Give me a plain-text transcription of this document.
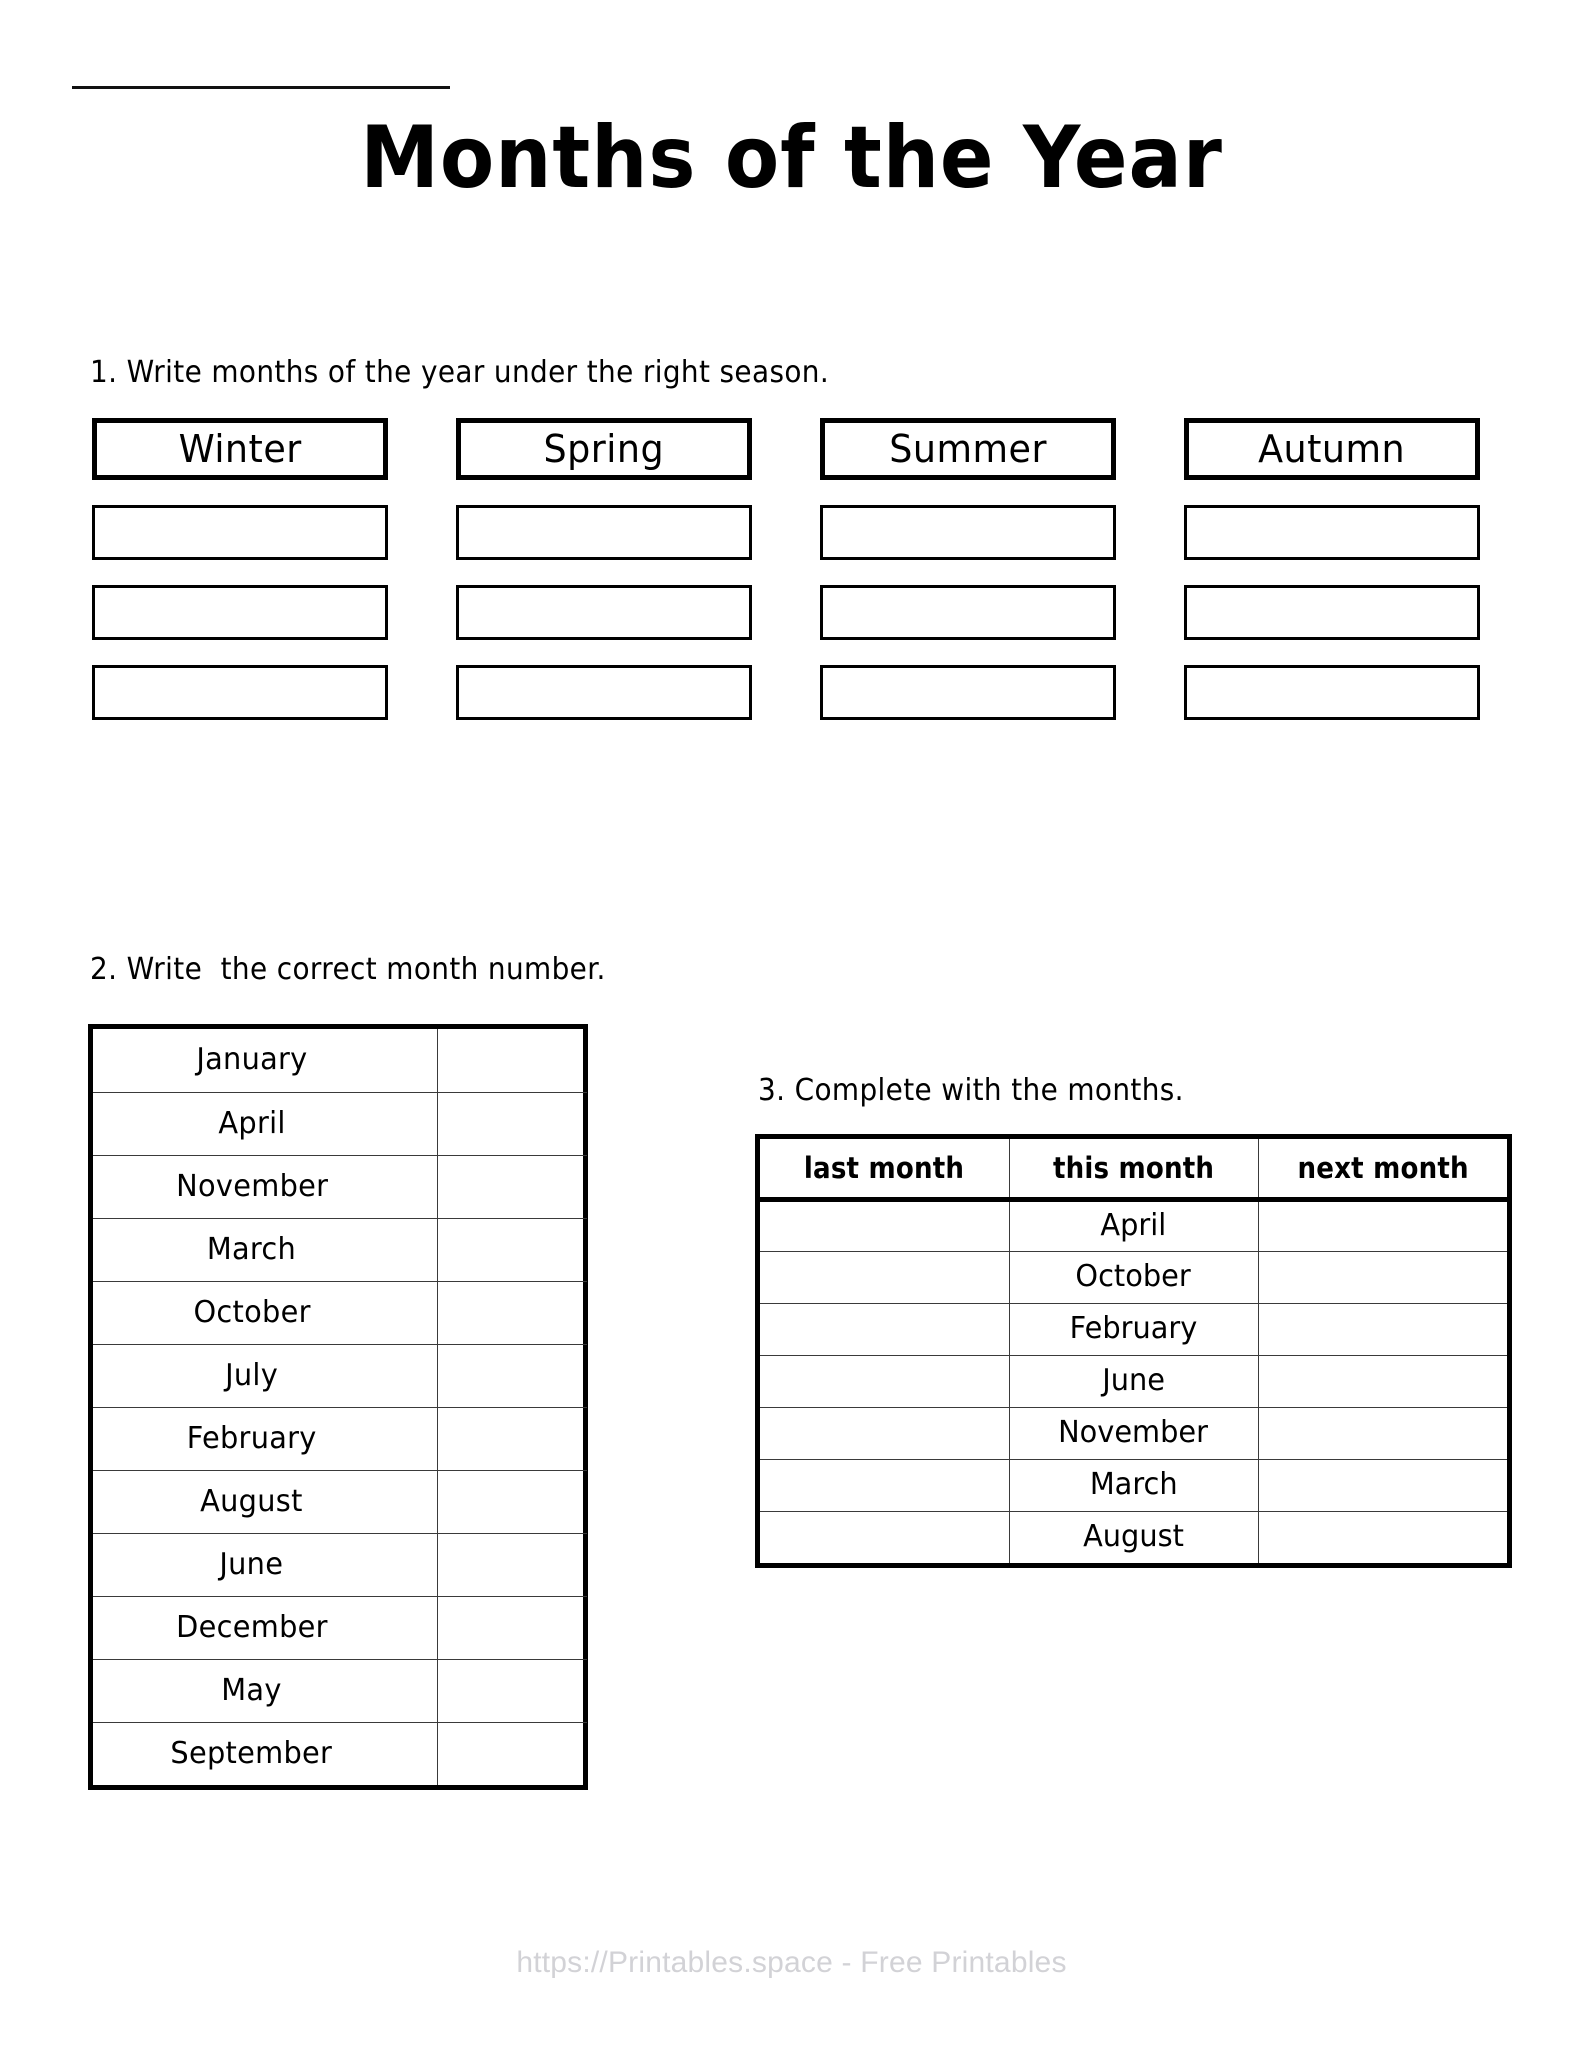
Months of the Year
1. Write months of the year under the right season.
Winter	Spring	Summer	Autumn
2. Write  the correct month number.
January	
April	
November	
March	
October	
July	
February	
August	
June	
December	
May	
September	
3. Complete with the months.
last month	this month	next month
	April	
	October	
	February	
	June	
	November	
	March	
	August	
https://Printables.space - Free Printables
